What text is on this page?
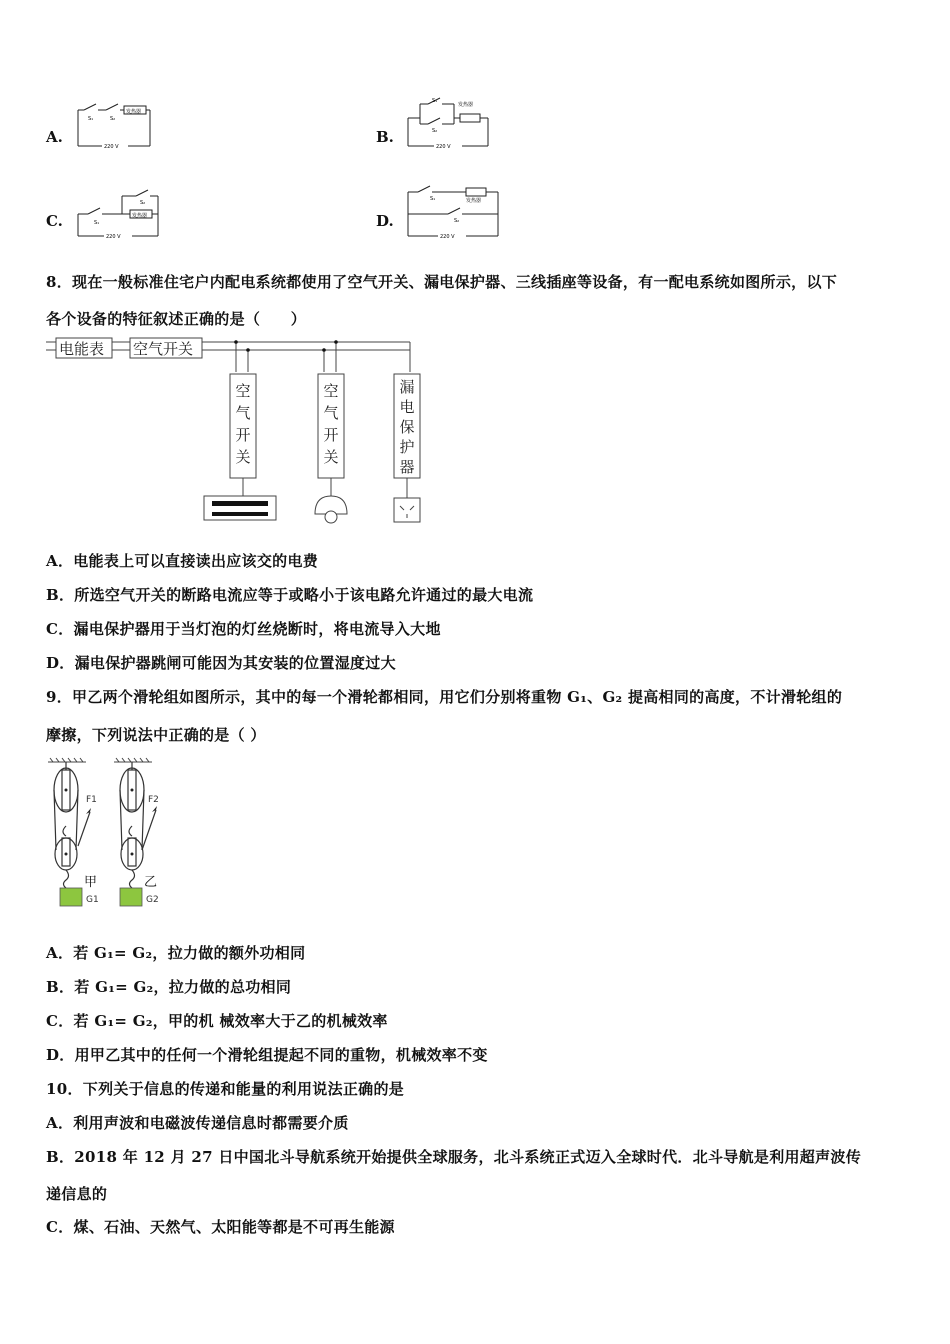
A.	B.
C.	D.
S₁	S₂
发热器
220 V
S₁
S₂
发热器
220 V
S₁
S₂
发热器
220 V
S₁
S₂
发热器
220 V
8．现在一般标准住宅户内配电系统都使用了空气开关、漏电保护器、三线插座等设备，有一配电系统如图所示，以下
各个设备的特征叙述正确的是（　　）
电能表 空气开关
空
气
开
关
空
气
开
关
漏
电
保
护
器
A．电能表上可以直接读出应该交的电费
B．所选空气开关的断路电流应等于或略小于该电路允许通过的最大电流
C．漏电保护器用于当灯泡的灯丝烧断时，将电流导入大地
D．漏电保护器跳闸可能因为其安装的位置湿度过大
9．甲乙两个滑轮组如图所示，其中的每一个滑轮都相同，用它们分别将重物 G₁、G₂ 提高相同的高度，不计滑轮组的
摩擦，下列说法中正确的是（ ）
F1	F2
甲	乙
G1	G2
A．若 G₁= G₂，拉力做的额外功相同
B．若 G₁= G₂，拉力做的总功相同
C．若 G₁= G₂，甲的机 械效率大于乙的机械效率
D．用甲乙其中的任何一个滑轮组提起不同的重物，机械效率不变
10．下列关于信息的传递和能量的利用说法正确的是
A．利用声波和电磁波传递信息时都需要介质
B．2018 年 12 月 27 日中国北斗导航系统开始提供全球服务，北斗系统正式迈入全球时代．北斗导航是利用超声波传
递信息的
C．煤、石油、天然气、太阳能等都是不可再生能源
